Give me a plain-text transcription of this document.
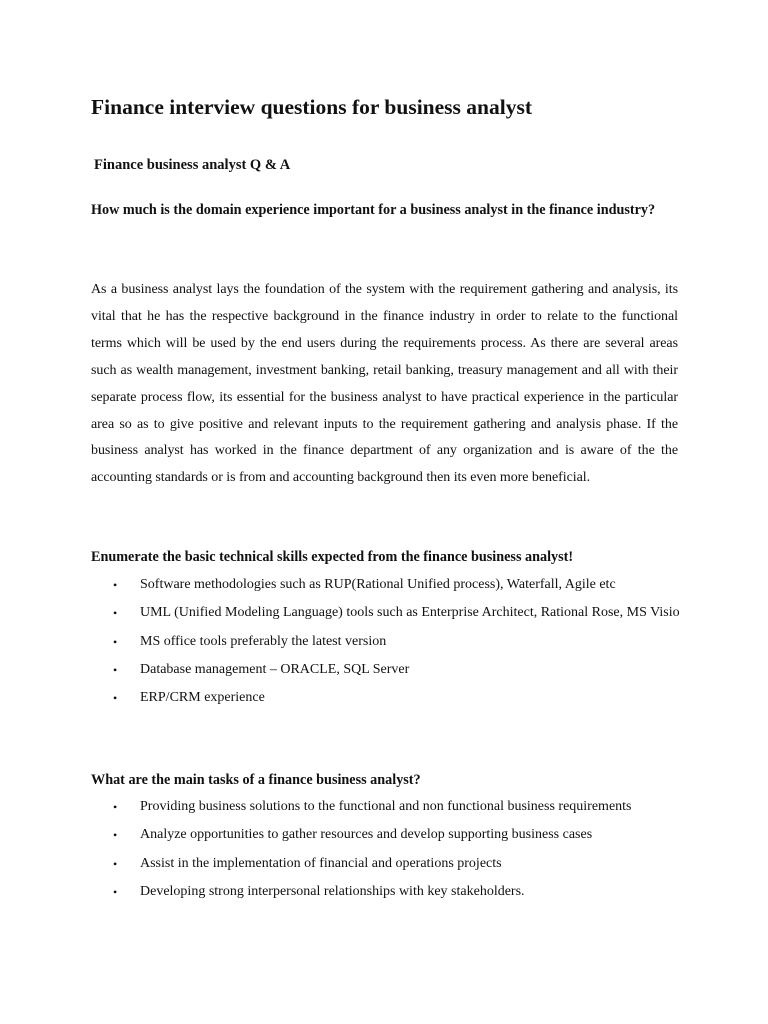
Finance interview questions for business analyst

Finance business analyst Q & A

How much is the domain experience important for a business analyst in the finance industry?

As a business analyst lays the foundation of the system with the requirement gathering and analysis, its vital that he has the respective background in the finance industry in order to relate to the functional terms which will be used by the end users during the requirements process. As there are several areas such as wealth management, investment banking, retail banking, treasury management and all with their separate process flow, its essential for the business analyst to have practical experience in the particular area so as to give positive and relevant inputs to the requirement gathering and analysis phase. If the business analyst has worked in the finance department of any organization and is aware of the the accounting standards or is from and accounting background then its even more beneficial.

Enumerate the basic technical skills expected from the finance business analyst!

• Software methodologies such as RUP(Rational Unified process), Waterfall, Agile etc
• UML (Unified Modeling Language) tools such as Enterprise Architect, Rational Rose, MS Visio
• MS office tools preferably the latest version
• Database management – ORACLE, SQL Server
• ERP/CRM experience

What are the main tasks of a finance business analyst?

• Providing business solutions to the functional and non functional business requirements
• Analyze opportunities to gather resources and develop supporting business cases
• Assist in the implementation of financial and operations projects
• Developing strong interpersonal relationships with key stakeholders.
